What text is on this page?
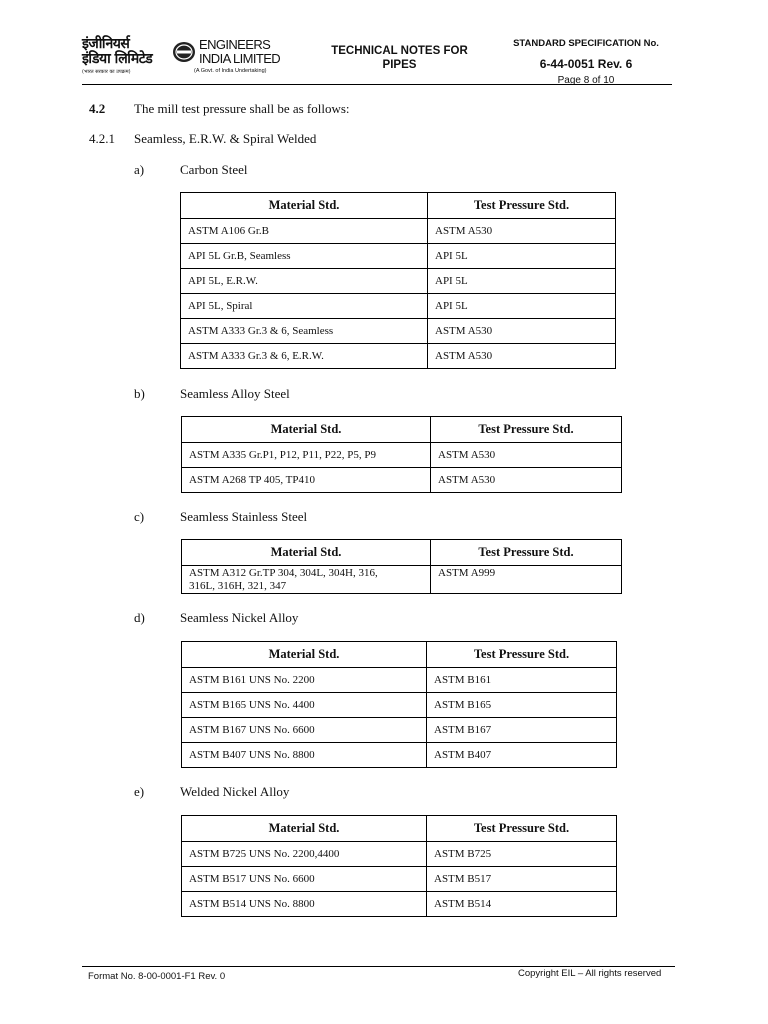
इंजीनियर्स
इंडिया लिमिटेड
ENGINEERS
INDIA LIMITED
(भारत सरकार का उपक्रम)	(A Govt. of India Undertaking)
TECHNICAL NOTES FOR
PIPES
STANDARD SPECIFICATION No.
6-44-0051 Rev. 6
Page 8 of 10
4.2 The mill test pressure shall be as follows:
4.2.1 Seamless, E.R.W. & Spiral Welded
a)	Carbon Steel
b)	Seamless Alloy Steel
c)	Seamless Stainless Steel
d)	Seamless Nickel Alloy
e)	Welded Nickel Alloy
Material Std.	Test Pressure Std.
ASTM A106 Gr.B	ASTM A530
API 5L Gr.B, Seamless	API 5L
API 5L, E.R.W.	API 5L
API 5L, Spiral	API 5L
ASTM A333 Gr.3 & 6, Seamless	ASTM A530
ASTM A333 Gr.3 & 6, E.R.W.	ASTM A530
Material Std.	Test Pressure Std.
ASTM A335 Gr.P1, P12, P11, P22, P5, P9	ASTM A530
ASTM A268 TP 405, TP410	ASTM A530
Material Std.	Test Pressure Std.
ASTM A312 Gr.TP 304, 304L, 304H, 316,
316L, 316H, 321, 347	ASTM A999
Material Std.	Test Pressure Std.
ASTM B161 UNS No. 2200	ASTM B161
ASTM B165 UNS No. 4400	ASTM B165
ASTM B167 UNS No. 6600	ASTM B167
ASTM B407 UNS No. 8800	ASTM B407
Material Std.	Test Pressure Std.
ASTM B725 UNS No. 2200,4400	ASTM B725
ASTM B517 UNS No. 6600	ASTM B517
ASTM B514 UNS No. 8800	ASTM B514
Format No. 8-00-0001-F1 Rev. 0	Copyright EIL – All rights reserved
